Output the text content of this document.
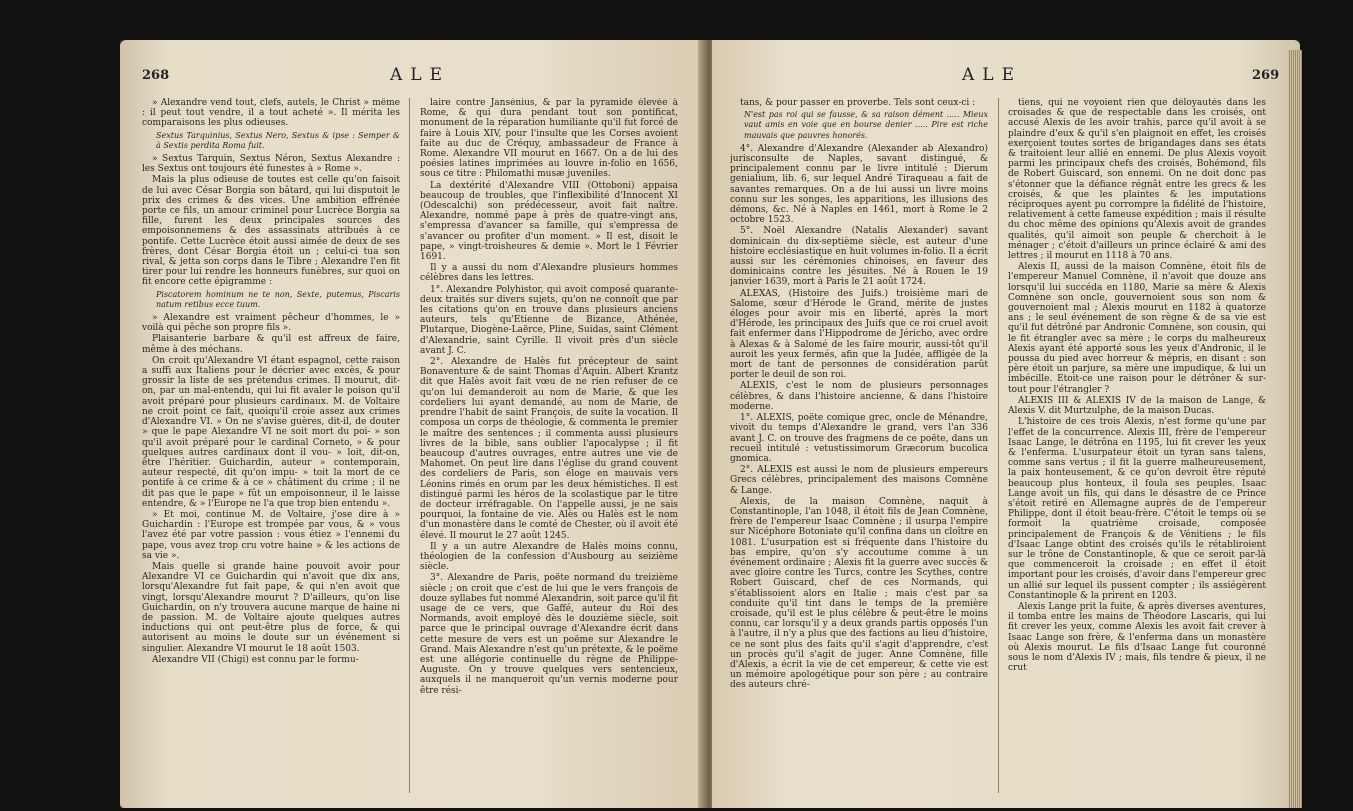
268	ALE

» Alexandre vend tout, clefs, autels, le Christ » même : il peut tout vendre, il a tout acheté ». Il mérita les comparaisons les plus odieuses.

Sextus Tarquinius, Sextus Nero, Sextus & ipse : Semper & à Sextis perdita Roma fuit.

» Sextus Tarquin, Sextus Néron, Sextus Alexandre : les Sextus ont toujours été funestes à » Rome ».

Mais la plus odieuse de toutes est celle qu'on faisoit de lui avec César Borgia son bâtard, qui lui disputoit le prix des crimes & des vices. Une ambition effrénée porte ce fils, un amour criminel pour Lucrèce Borgia sa fille, furent les deux principales sources des empoisonnemens & des assassinats attribués à ce pontife. Cette Lucrèce étoit aussi aimée de deux de ses frères, dont César Borgia étoit un ; celui-ci tua son rival, & jetta son corps dans le Tibre ; Alexandre l'en fit tirer pour lui rendre les honneurs funèbres, sur quoi on fit encore cette épigramme :

Piscatorem hominum ne te non, Sexte, putemus, Piscaris natum retibus ecce tuum.

» Alexandre est vraiment pêcheur d'hommes, le » voilà qui pêche son propre fils ».

Plaisanterie barbare & qu'il est affreux de faire, même à des méchans.

On croit qu'Alexandre VI étant espagnol, cette raison a suffi aux Italiens pour le décrier avec excès, & pour grossir la liste de ses prétendus crimes. Il mourut, dit-on, par un mal-entendu, qui lui fit avaler le poison qu'il avoit préparé pour plusieurs cardinaux. M. de Voltaire ne croit point ce fait, quoiqu'il croie assez aux crimes d'Alexandre VI. » On ne s'avise guères, dit-il, de douter » que le pape Alexandre VI ne soit mort du poi- » son qu'il avoit préparé pour le cardinal Corneto, » & pour quelques autres cardinaux dont il vou- » loit, dit-on, être l'héritier. Guichardin, auteur » contemporain, auteur respecté, dit qu'on impu- » toit la mort de ce pontife à ce crime & à ce » châtiment du crime ; il ne dit pas que le pape » fût un empoisonneur, il le laisse entendre, & » l'Europe ne l'a que trop bien entendu ».

» Et moi, continue M. de Voltaire, j'ose dire à » Guichardin : l'Europe est trompée par vous, & » vous l'avez été par votre passion : vous étiez » l'ennemi du pape, vous avez trop cru votre haine » & les actions de sa vie ».

Mais quelle si grande haine pouvoit avoir pour Alexandre VI ce Guichardin qui n'avoit que dix ans, lorsqu'Alexandre fut fait pape, & qui n'en avoit que vingt, lorsqu'Alexandre mourut ? D'ailleurs, qu'on lise Guichardin, on n'y trouvera aucune marque de haine ni de passion. M. de Voltaire ajoute quelques autres inductions qui ont peut-être plus de force, & qui autorisent au moins le doute sur un événement si singulier. Alexandre VI mourut le 18 août 1503.

Alexandre VII (Chigi) est connu par le formu-

laire contre Jansénius, & par la pyramide élevée à Rome, & qui dura pendant tout son pontificat, monument de la réparation humiliante qu'il fut forcé de faire à Louis XIV, pour l'insulte que les Corses avoient faite au duc de Créquy, ambassadeur de France à Rome. Alexandre VII mourut en 1667. On a de lui des poésies latines imprimées au louvre in-folio en 1656, sous ce titre : Philomathi musæ juveniles.

La dextérité d'Alexandre VIII (Ottoboni) appaisa beaucoup de troubles, que l'inflexibilité d'Innocent XI (Odescalchi) son prédécesseur, avoit fait naître. Alexandre, nommé pape à près de quatre-vingt ans, s'empressa d'avancer sa famille, qui s'empressa de s'avancer ou profiter d'un moment. » Il est, disoit le pape, » vingt-troisheures & demie ». Mort le 1 Février 1691.

Il y a aussi du nom d'Alexandre plusieurs hommes célèbres dans les lettres.

1°. Alexandre Polyhistor, qui avoit composé quarante-deux traités sur divers sujets, qu'on ne connoît que par les citations qu'on en trouve dans plusieurs anciens auteurs, tels qu'Etienne de Bizance, Athénée, Plutarque, Diogène-Laërce, Pline, Suidas, saint Clément d'Alexandrie, saint Cyrille. Il vivoit près d'un siècle avant J. C.

2°. Alexandre de Halès fut précepteur de saint Bonaventure & de saint Thomas d'Aquin. Albert Krantz dit que Halès avoit fait vœu de ne rien refuser de ce qu'on lui demanderoit au nom de Marie, & que les cordeliers lui ayant demandé, au nom de Marie, de prendre l'habit de saint François, de suite la vocation. Il composa un corps de théologie, & commenta le premier le maître des sentences ; il commenta aussi plusieurs livres de la bible, sans oublier l'apocalypse ; il fit beaucoup d'autres ouvrages, entre autres une vie de Mahomet. On peut lire dans l'église du grand couvent des cordeliers de Paris, son éloge en mauvais vers Léonins rimés en orum par les deux hémistiches. Il est distingué parmi les héros de la scolastique par le titre de docteur irréfragable. On l'appelle aussi, je ne sais pourquoi, la fontaine de vie. Alès ou Halès est le nom d'un monastère dans le comté de Chester, où il avoit été élevé. Il mourut le 27 août 1245.

Il y a un autre Alexandre de Halès moins connu, théologien de la confession d'Ausbourg au seizième siècle.

3°. Alexandre de Paris, poëte normand du treizième siècle ; on croit que c'est de lui que le vers françois de douze syllabes fut nommé Alexandrin, soit parce qu'il fit usage de ce vers, que Gaffé, auteur du Roi des Normands, avoit employé dès le douzième siècle, soit parce que le principal ouvrage d'Alexandre écrit dans cette mesure de vers est un poëme sur Alexandre le Grand. Mais Alexandre n'est qu'un prétexte, & le poëme est une allégorie continuelle du règne de Philippe-Auguste. On y trouve quelques vers sentencieux, auxquels il ne manqueroit qu'un vernis moderne pour être rési-

ALE	269

tans, & pour passer en proverbe. Tels sont ceux-ci :

N'est pas roi qui se fausse, & sa raison dément ..... Mieux vaut amis en voie que en bourse denier ..... Pire est riche mauvais que pauvres honorés.

4°. Alexandre d'Alexandre (Alexander ab Alexandro) jurisconsulte de Naples, savant distingué, & principalement connu par le livre intitulé : Dierum genialium, lib. 6, sur lequel André Tiraqueau a fait de savantes remarques. On a de lui aussi un livre moins connu sur les songes, les apparitions, les illusions des démons, &c. Né à Naples en 1461, mort à Rome le 2 octobre 1523.

5°. Noël Alexandre (Natalis Alexander) savant dominicain du dix-septième siècle, est auteur d'une histoire ecclésiastique en huit volumes in-folio. Il a écrit aussi sur les cérémonies chinoises, en faveur des dominicains contre les jésuites. Né à Rouen le 19 janvier 1639, mort à Paris le 21 août 1724.

ALEXAS, (Histoire des Juifs.) troisième mari de Salome, sœur d'Hérode le Grand, mérite de justes éloges pour avoir mis en liberté, après la mort d'Hérode, les principaux des Juifs que ce roi cruel avoit fait enfermer dans l'Hippodrome de Jéricho, avec ordre à Alexas & à Salomé de les faire mourir, aussi-tôt qu'il auroit les yeux fermés, afin que la Judée, affligée de la mort de tant de personnes de considération parût porter le deuil de son roi.

ALEXIS, c'est le nom de plusieurs personnages célèbres, & dans l'histoire ancienne, & dans l'histoire moderne.

1°. ALEXIS, poëte comique grec, oncle de Ménandre, vivoit du temps d'Alexandre le grand, vers l'an 336 avant J. C. on trouve des fragmens de ce poëte, dans un recueil intitulé : vetustissimorum Græcorum bucolica gnomica.

2°. ALEXIS est aussi le nom de plusieurs empereurs Grecs célèbres, principalement des maisons Comnène & Lange.

Alexis, de la maison Comnène, naquit à Constantinople, l'an 1048, il étoit fils de Jean Comnène, frère de l'empereur Isaac Comnène ; il usurpa l'empire sur Nicéphore Botoniate qu'il confina dans un cloître en 1081. L'usurpation est si fréquente dans l'histoire du bas empire, qu'on s'y accoutume comme à un événement ordinaire ; Alexis fit la guerre avec succès & avec gloire contre les Turcs, contre les Scythes, contre Robert Guiscard, chef de ces Normands, qui s'établissoient alors en Italie ; mais c'est par sa conduite qu'il tint dans le temps de la première croisade, qu'il est le plus célèbre & peut-être le moins connu, car lorsqu'il y a deux grands partis opposés l'un à l'autre, il n'y a plus que des factions au lieu d'histoire, ce ne sont plus des faits qu'il s'agit d'apprendre, c'est un procès qu'il s'agit de juger. Anne Comnène, fille d'Alexis, a écrit la vie de cet empereur, & cette vie est un mémoire apologétique pour son père ; au contraire des auteurs chré-

tiens, qui ne voyoient rien que déloyautés dans les croisades & que de respectable dans les croisés, ont accusé Alexis de les avoir trahis, parce qu'il avoit à se plaindre d'eux & qu'il s'en plaignoit en effet, les croisés exerçoient toutes sortes de brigandages dans ses états & traitoient leur allié en ennemi. De plus Alexis voyoit parmi les principaux chefs des croisés, Bohémond, fils de Robert Guiscard, son ennemi. On ne doit donc pas s'étonner que la défiance régnât entre les grecs & les croisés, & que les plaintes & les imputations réciproques ayent pu corrompre la fidélité de l'histoire, relativement à cette fameuse expédition ; mais il résulte du choc même des opinions qu'Alexis avoit de grandes qualités, qu'il aimoit son peuple & cherchoit à le ménager ; c'étoit d'ailleurs un prince éclairé & ami des lettres ; il mourut en 1118 à 70 ans.

Alexis II, aussi de la maison Comnène, étoit fils de l'empereur Manuel Comnène, il n'avoit que douze ans lorsqu'il lui succéda en 1180, Marie sa mère & Alexis Comnène son oncle, gouvernoient sous son nom & gouvernoient mal ; Alexis mourut en 1182 à quatorze ans ; le seul événement de son règne & de sa vie est qu'il fut détrôné par Andronic Comnène, son cousin, qui le fit étrangler avec sa mère ; le corps du malheureux Alexis ayant été apporté sous les yeux d'Andronic, il le poussa du pied avec horreur & mépris, en disant : son père étoit un parjure, sa mère une impudique, & lui un imbécille. Etoit-ce une raison pour le détrôner & sur-tout pour l'étrangler ?

ALEXIS III & ALEXIS IV de la maison de Lange, & Alexis V. dit Murtzulphe, de la maison Ducas.

L'histoire de ces trois Alexis, n'est forme qu'une par l'effet de la concurrence. Alexis III, frère de l'empereur Isaac Lange, le détrôna en 1195, lui fit crever les yeux & l'enferma. L'usurpateur étoit un tyran sans talens, comme sans vertus ; il fit la guerre malheureusement, la paix honteusement, & ce qu'on devroit être réputé beaucoup plus honteux, il foula ses peuples. Isaac Lange avoit un fils, qui dans le désastre de ce Prince s'étoit retiré en Allemagne auprès de de l'empereur Philippe, dont il étoit beau-frère. C'étoit le temps où se formoit la quatrième croisade, composée principalement de François & de Vénitiens ; le fils d'Isaac Lange obtint des croisés qu'ils le rétabliroient sur le trône de Constantinople, & que ce seroit par-là que commenceroit la croisade ; en effet il étoit important pour les croisés, d'avoir dans l'empereur grec un allié sur lequel ils pussent compter ; ils assiégèrent Constantinople & la prirent en 1203.

Alexis Lange prit la fuite, & après diverses aventures, il tomba entre les mains de Théodore Lascaris, qui lui fit crever les yeux, comme Alexis les avoit fait crever à Isaac Lange son frère, & l'enferma dans un monastère où Alexis mourut. Le fils d'Isaac Lange fut couronné sous le nom d'Alexis IV ; mais, fils tendre & pieux, il ne crut
